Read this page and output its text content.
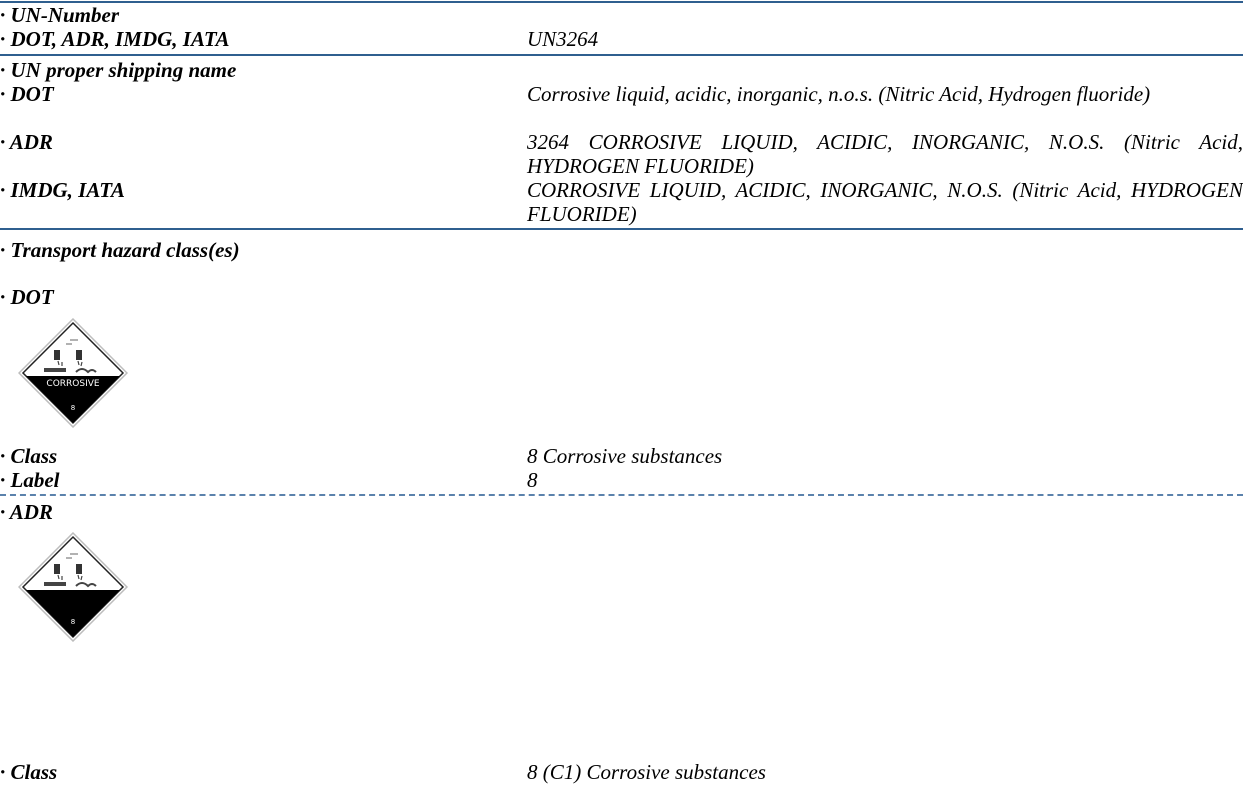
· UN-Number
· DOT, ADR, IMDG, IATA	UN3264
· UN proper shipping name
· DOT	Corrosive liquid, acidic, inorganic, n.o.s. (Nitric Acid, Hydrogen fluoride)
· ADR	3264 CORROSIVE LIQUID, ACIDIC, INORGANIC, N.O.S. (Nitric Acid, HYDROGEN FLUORIDE)
· IMDG, IATA	CORROSIVE LIQUID, ACIDIC, INORGANIC, N.O.S. (Nitric Acid, HYDROGEN FLUORIDE)
· Transport hazard class(es)
· DOT
CORROSIVE
8
· Class	8 Corrosive substances
· Label	8
· ADR
8
· Class	8 (C1) Corrosive substances
